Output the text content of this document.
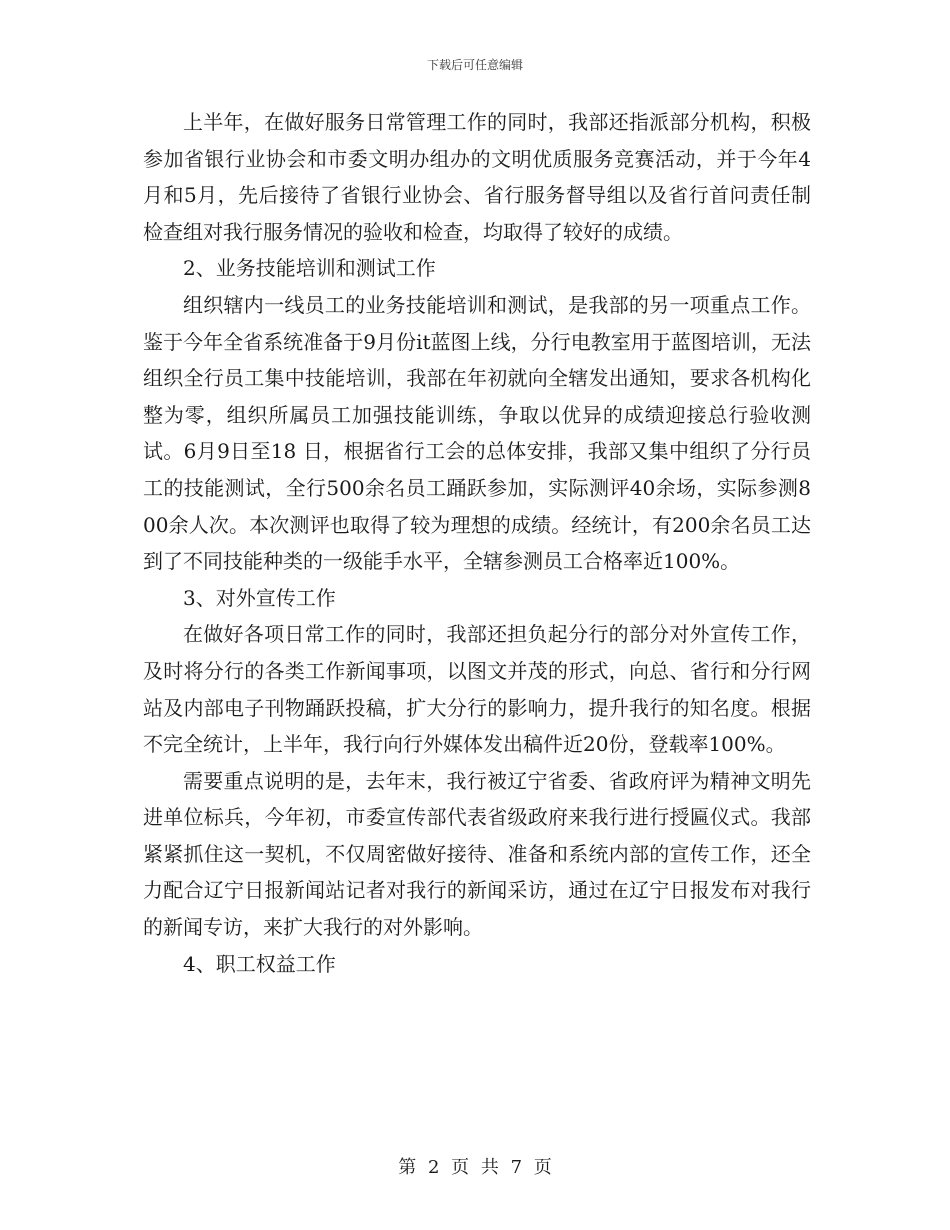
下载后可任意编辑

上半年，在做好服务日常管理工作的同时，我部还指派部分机构，积极参加省银行业协会和市委文明办组办的文明优质服务竞赛活动，并于今年4月和5月，先后接待了省银行业协会、省行服务督导组以及省行首问责任制检查组对我行服务情况的验收和检查，均取得了较好的成绩。

2、业务技能培训和测试工作

组织辖内一线员工的业务技能培训和测试，是我部的另一项重点工作。鉴于今年全省系统准备于9月份it蓝图上线，分行电教室用于蓝图培训，无法组织全行员工集中技能培训，我部在年初就向全辖发出通知，要求各机构化整为零，组织所属员工加强技能训练，争取以优异的成绩迎接总行验收测试。6月9日至18 日，根据省行工会的总体安排，我部又集中组织了分行员工的技能测试，全行500余名员工踊跃参加，实际测评40余场，实际参测800余人次。本次测评也取得了较为理想的成绩。经统计，有200余名员工达到了不同技能种类的一级能手水平，全辖参测员工合格率近100%。

3、对外宣传工作

在做好各项日常工作的同时，我部还担负起分行的部分对外宣传工作，及时将分行的各类工作新闻事项，以图文并茂的形式，向总、省行和分行网站及内部电子刊物踊跃投稿，扩大分行的影响力，提升我行的知名度。根据不完全统计，上半年，我行向行外媒体发出稿件近20份，登载率100%。

需要重点说明的是，去年末，我行被辽宁省委、省政府评为精神文明先进单位标兵，今年初，市委宣传部代表省级政府来我行进行授匾仪式。我部紧紧抓住这一契机，不仅周密做好接待、准备和系统内部的宣传工作，还全力配合辽宁日报新闻站记者对我行的新闻采访，通过在辽宁日报发布对我行的新闻专访，来扩大我行的对外影响。

4、职工权益工作

第 2 页 共 7 页
